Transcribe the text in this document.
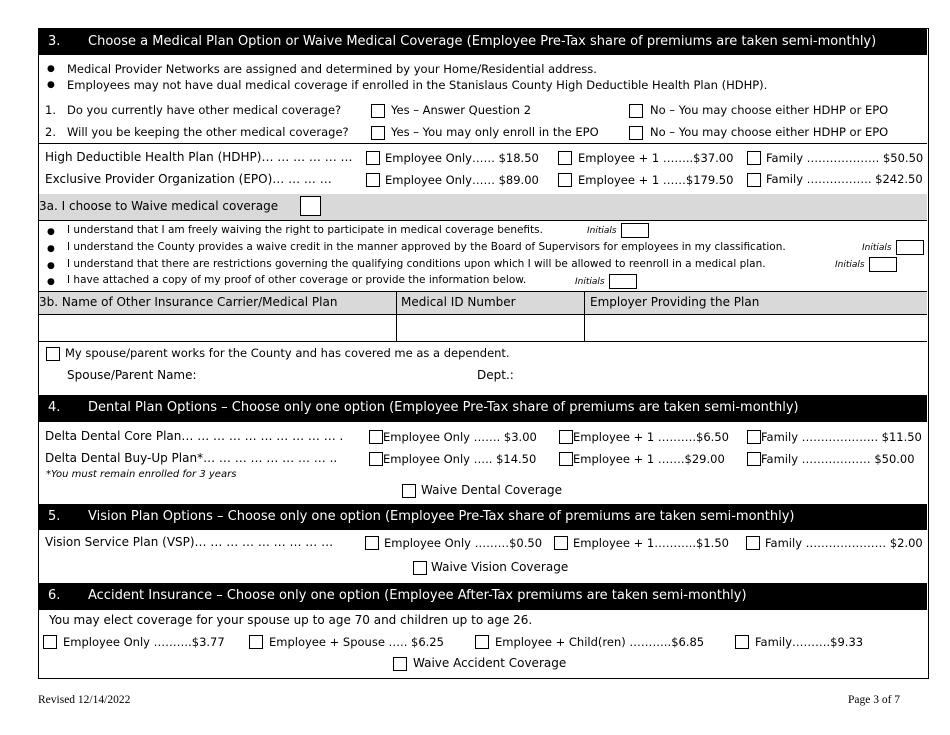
3. Choose a Medical Plan Option or Waive Medical Coverage (Employee Pre-Tax share of premiums are taken semi-monthly)
● Medical Provider Networks are assigned and determined by your Home/Residential address.
● Employees may not have dual medical coverage if enrolled in the Stanislaus County High Deductible Health Plan (HDHP).
1. Do you currently have other medical coverage?	Yes – Answer Question 2	No – You may choose either HDHP or EPO
2. Will you be keeping the other medical coverage?	Yes – You may only enroll in the EPO	No – You may choose either HDHP or EPO
High Deductible Health Plan (HDHP)… … … … … …	Employee Only…… $18.50	Employee + 1 ……..$37.00	Family ………………. $50.50
Exclusive Provider Organization (EPO)… … … …	Employee Only…… $89.00	Employee + 1 ……$179.50	Family …………….. $242.50
3a. I choose to Waive medical coverage
● I understand that I am freely waiving the right to participate in medical coverage benefits.	Initials
● I understand the County provides a waive credit in the manner approved by the Board of Supervisors for employees in my classification.	Initials
● I understand that there are restrictions governing the qualifying conditions upon which I will be allowed to reenroll in a medical plan.	Initials
● I have attached a copy of my proof of other coverage or provide the information below.	Initials
3b. Name of Other Insurance Carrier/Medical Plan	Medical ID Number	Employer Providing the Plan
My spouse/parent works for the County and has covered me as a dependent.
Spouse/Parent Name:	Dept.:
4. Dental Plan Options – Choose only one option (Employee Pre-Tax share of premiums are taken semi-monthly)
Delta Dental Core Plan… … … … … … … … … … .	Employee Only ……. $3.00	Employee + 1 ……….$6.50	Family ……………….. $11.50
Delta Dental Buy-Up Plan*… … … … … … … … ..	Employee Only ….. $14.50	Employee + 1 …….$29.00	Family ……………… $50.00
*You must remain enrolled for 3 years
Waive Dental Coverage
5. Vision Plan Options – Choose only one option (Employee Pre-Tax share of premiums are taken semi-monthly)
Vision Service Plan (VSP)… … … … … … … … …	Employee Only ………$0.50	Employee + 1………..$1.50	Family ………………… $2.00
Waive Vision Coverage
6. Accident Insurance – Choose only one option (Employee After-Tax premiums are taken semi-monthly)
You may elect coverage for your spouse up to age 70 and children up to age 26.
Employee Only ……….$3.77	Employee + Spouse ….. $6.25	Employee + Child(ren) ………..$6.85	Family……….$9.33
Waive Accident Coverage
Revised 12/14/2022	Page 3 of 7
